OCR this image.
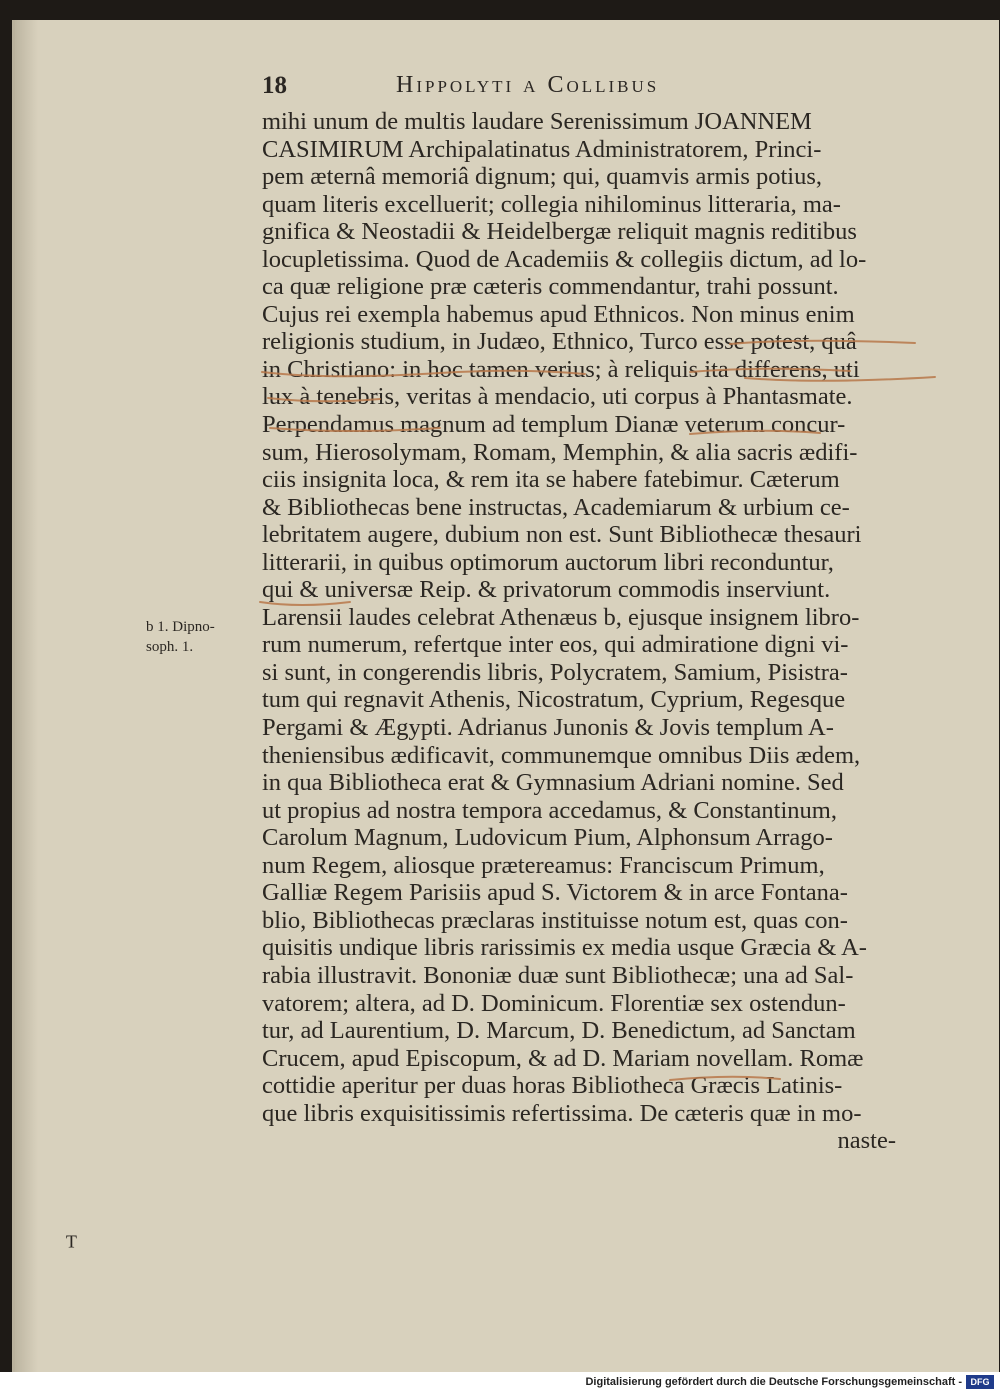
18	Hippolyti a Collibus
b 1. Dipno-
soph. 1.
mihi unum de multis laudare Serenissimum JOANNEM
CASIMIRUM Archipalatinatus Administratorem, Princi-
pem æternâ memoriâ dignum; qui, quamvis armis potius,
quam literis excelluerit; collegia nihilominus litteraria, ma-
gnifica & Neostadii & Heidelbergæ reliquit magnis reditibus
locupletissima. Quod de Academiis & collegiis dictum, ad lo-
ca quæ religione præ cæteris commendantur, trahi possunt.
Cujus rei exempla habemus apud Ethnicos. Non minus enim
religionis studium, in Judæo, Ethnico, Turco esse potest, quâ
in Christiano: in hoc tamen verius; à reliquis ita differens, uti
lux à tenebris, veritas à mendacio, uti corpus à Phantasmate.
Perpendamus magnum ad templum Dianæ veterum concur-
sum, Hierosolymam, Romam, Memphin, & alia sacris ædifi-
ciis insignita loca, & rem ita se habere fatebimur. Cæterum
& Bibliothecas bene instructas, Academiarum & urbium ce-
lebritatem augere, dubium non est. Sunt Bibliothecæ thesauri
litterarii, in quibus optimorum auctorum libri reconduntur,
qui & universæ Reip. & privatorum commodis inserviunt.
Larensii laudes celebrat Athenæus b, ejusque insignem libro-
rum numerum, refertque inter eos, qui admiratione digni vi-
si sunt, in congerendis libris, Polycratem, Samium, Pisistra-
tum qui regnavit Athenis, Nicostratum, Cyprium, Regesque
Pergami & Ægypti. Adrianus Junonis & Jovis templum A-
theniensibus ædificavit, communemque omnibus Diis ædem,
in qua Bibliotheca erat & Gymnasium Adriani nomine. Sed
ut propius ad nostra tempora accedamus, & Constantinum,
Carolum Magnum, Ludovicum Pium, Alphonsum Arrago-
num Regem, aliosque prætereamus: Franciscum Primum,
Galliæ Regem Parisiis apud S. Victorem & in arce Fontana-
blio, Bibliothecas præclaras instituisse notum est, quas con-
quisitis undique libris rarissimis ex media usque Græcia & A-
rabia illustravit. Bononiæ duæ sunt Bibliothecæ; una ad Sal-
vatorem; altera, ad D. Dominicum. Florentiæ sex ostendun-
tur, ad Laurentium, D. Marcum, D. Benedictum, ad Sanctam
Crucem, apud Episcopum, & ad D. Mariam novellam. Romæ
cottidie aperitur per duas horas Bibliotheca Græcis Latinis-
que libris exquisitissimis refertissima. De cæteris quæ in mo-
naste-
ᵀ
Digitalisierung gefördert durch die Deutsche Forschungsgemeinschaft - DFG
